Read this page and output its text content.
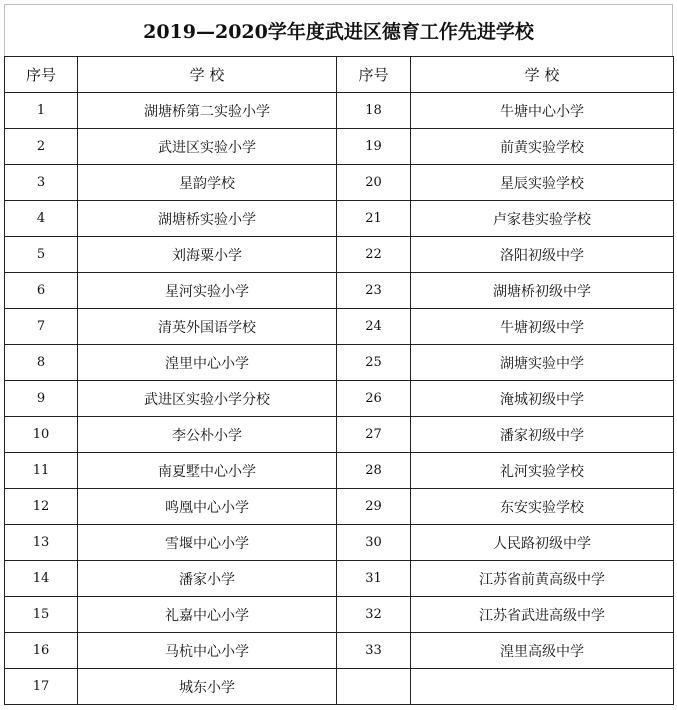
2019—2020学年度武进区德育工作先进学校
序号	学 校	序号	学 校
1	湖塘桥第二实验小学	18	牛塘中心小学
2	武进区实验小学	19	前黄实验学校
3	星韵学校	20	星辰实验学校
4	湖塘桥实验小学	21	卢家巷实验学校
5	刘海粟小学	22	洛阳初级中学
6	星河实验小学	23	湖塘桥初级中学
7	清英外国语学校	24	牛塘初级中学
8	湟里中心小学	25	湖塘实验中学
9	武进区实验小学分校	26	淹城初级中学
10	李公朴小学	27	潘家初级中学
11	南夏墅中心小学	28	礼河实验学校
12	鸣凰中心小学	29	东安实验学校
13	雪堰中心小学	30	人民路初级中学
14	潘家小学	31	江苏省前黄高级中学
15	礼嘉中心小学	32	江苏省武进高级中学
16	马杭中心小学	33	湟里高级中学
17	城东小学		
